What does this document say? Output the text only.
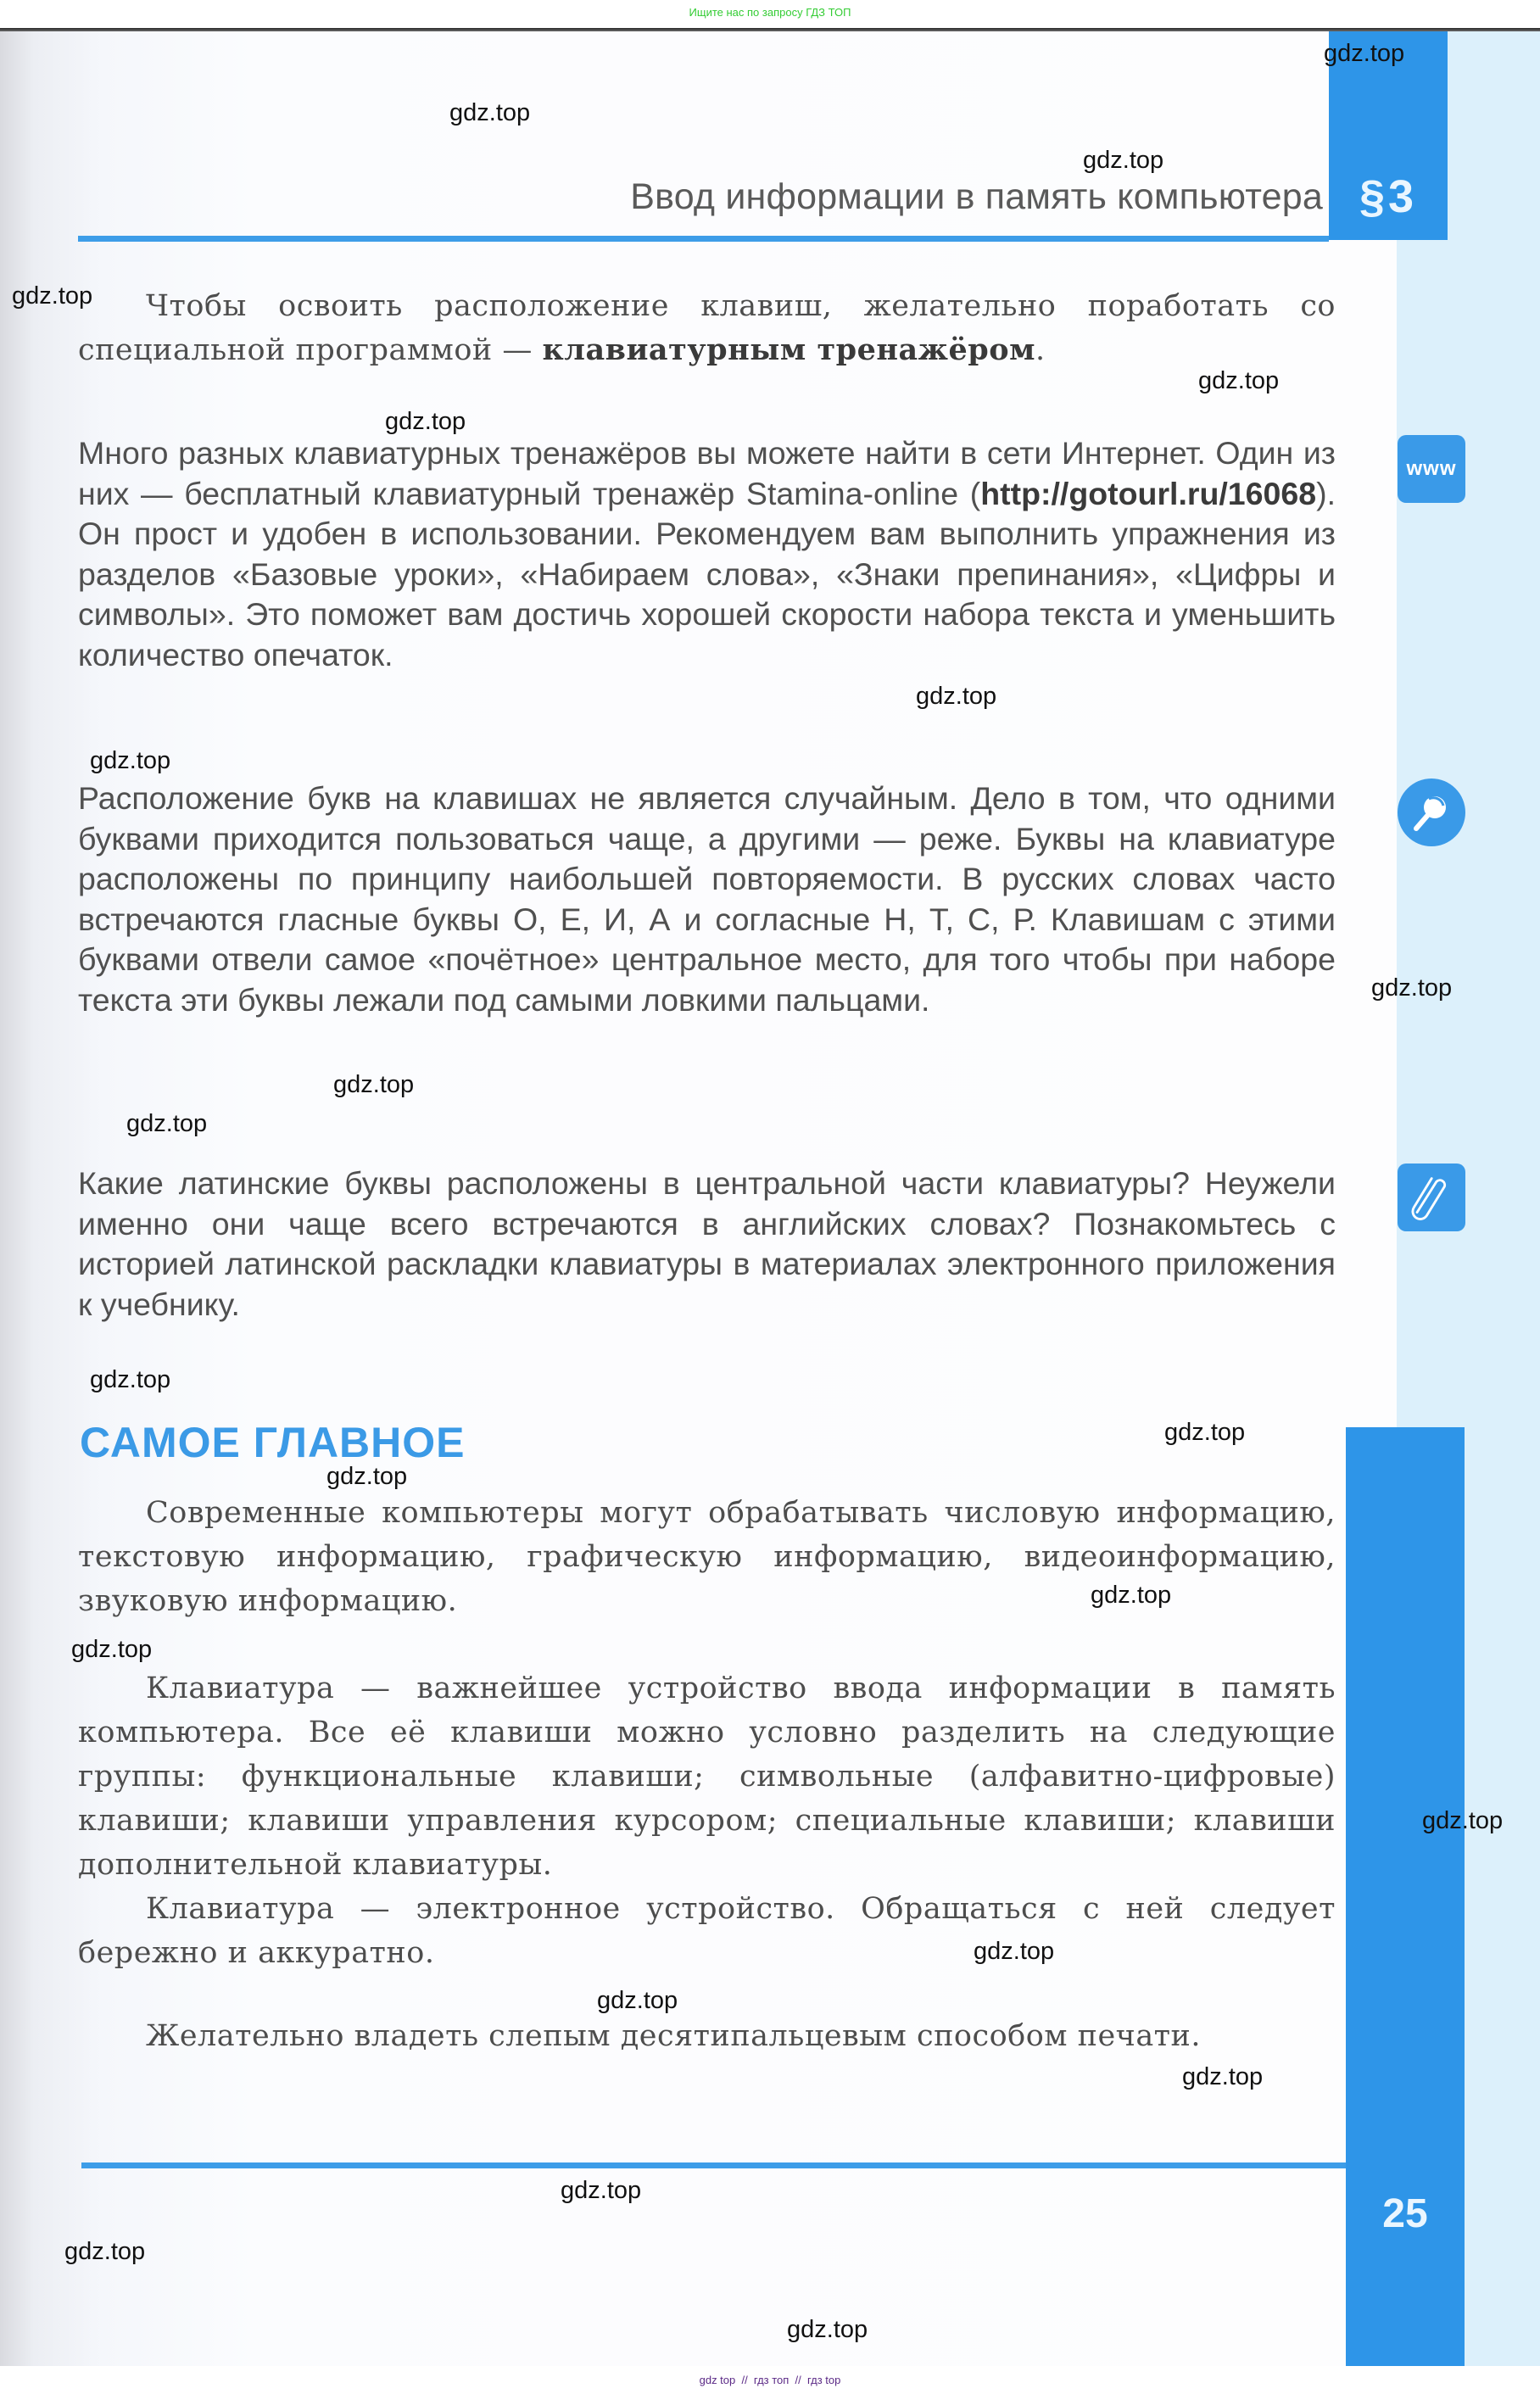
Ищите нас по запросу ГДЗ ТОП
§3
Ввод информации в память компьютера
www
Чтобы освоить расположение клавиш, желательно поработать со специальной программой — клавиатурным тренажёром.
Много разных клавиатурных тренажёров вы можете найти в сети Интернет. Один из них — бесплатный клавиатурный тренажёр Stamina-online (http://gotourl.ru/16068). Он прост и удобен в использовании. Рекомендуем вам выполнить упражнения из разделов «Базовые уроки», «Набираем слова», «Знаки препинания», «Цифры и символы». Это поможет вам достичь хорошей скорости набора текста и уменьшить количество опечаток.
Расположение букв на клавишах не является случайным. Дело в том, что одними буквами приходится пользоваться чаще, а другими — реже. Буквы на клавиатуре расположены по принципу наибольшей повторяемости. В русских словах часто встречаются гласные буквы О, Е, И, А и согласные Н, Т, С, Р. Клавишам с этими буквами отвели самое «почётное» центральное место, для того чтобы при наборе текста эти буквы лежали под самыми ловкими пальцами.
Какие латинские буквы расположены в центральной части клавиатуры? Неужели именно они чаще всего встречаются в английских словах? Познакомьтесь с историей латинской раскладки клавиатуры в материалах электронного приложения к учебнику.
САМОЕ ГЛАВНОЕ
Современные компьютеры могут обрабатывать числовую информацию, текстовую информацию, графическую информацию, видеоинформацию, звуковую информацию.
Клавиатура — важнейшее устройство ввода информации в память компьютера. Все её клавиши можно условно разделить на следующие группы: функциональные клавиши; символьные (алфавитно-цифровые) клавиши; клавиши управления курсором; специальные клавиши; клавиши дополнительной клавиатуры.
Клавиатура — электронное устройство. Обращаться с ней следует бережно и аккуратно.
Желательно владеть слепым десятипальцевым способом печати.
25
gdz.top
gdz.top
gdz.top
gdz.top
gdz.top
gdz.top
gdz.top
gdz.top
gdz.top
gdz.top
gdz.top
gdz.top
gdz.top
gdz.top
gdz.top
gdz.top
gdz.top
gdz.top
gdz.top
gdz.top
gdz.top
gdz.top
gdz.top
gdz top  //  гдз топ  //  гдз top
